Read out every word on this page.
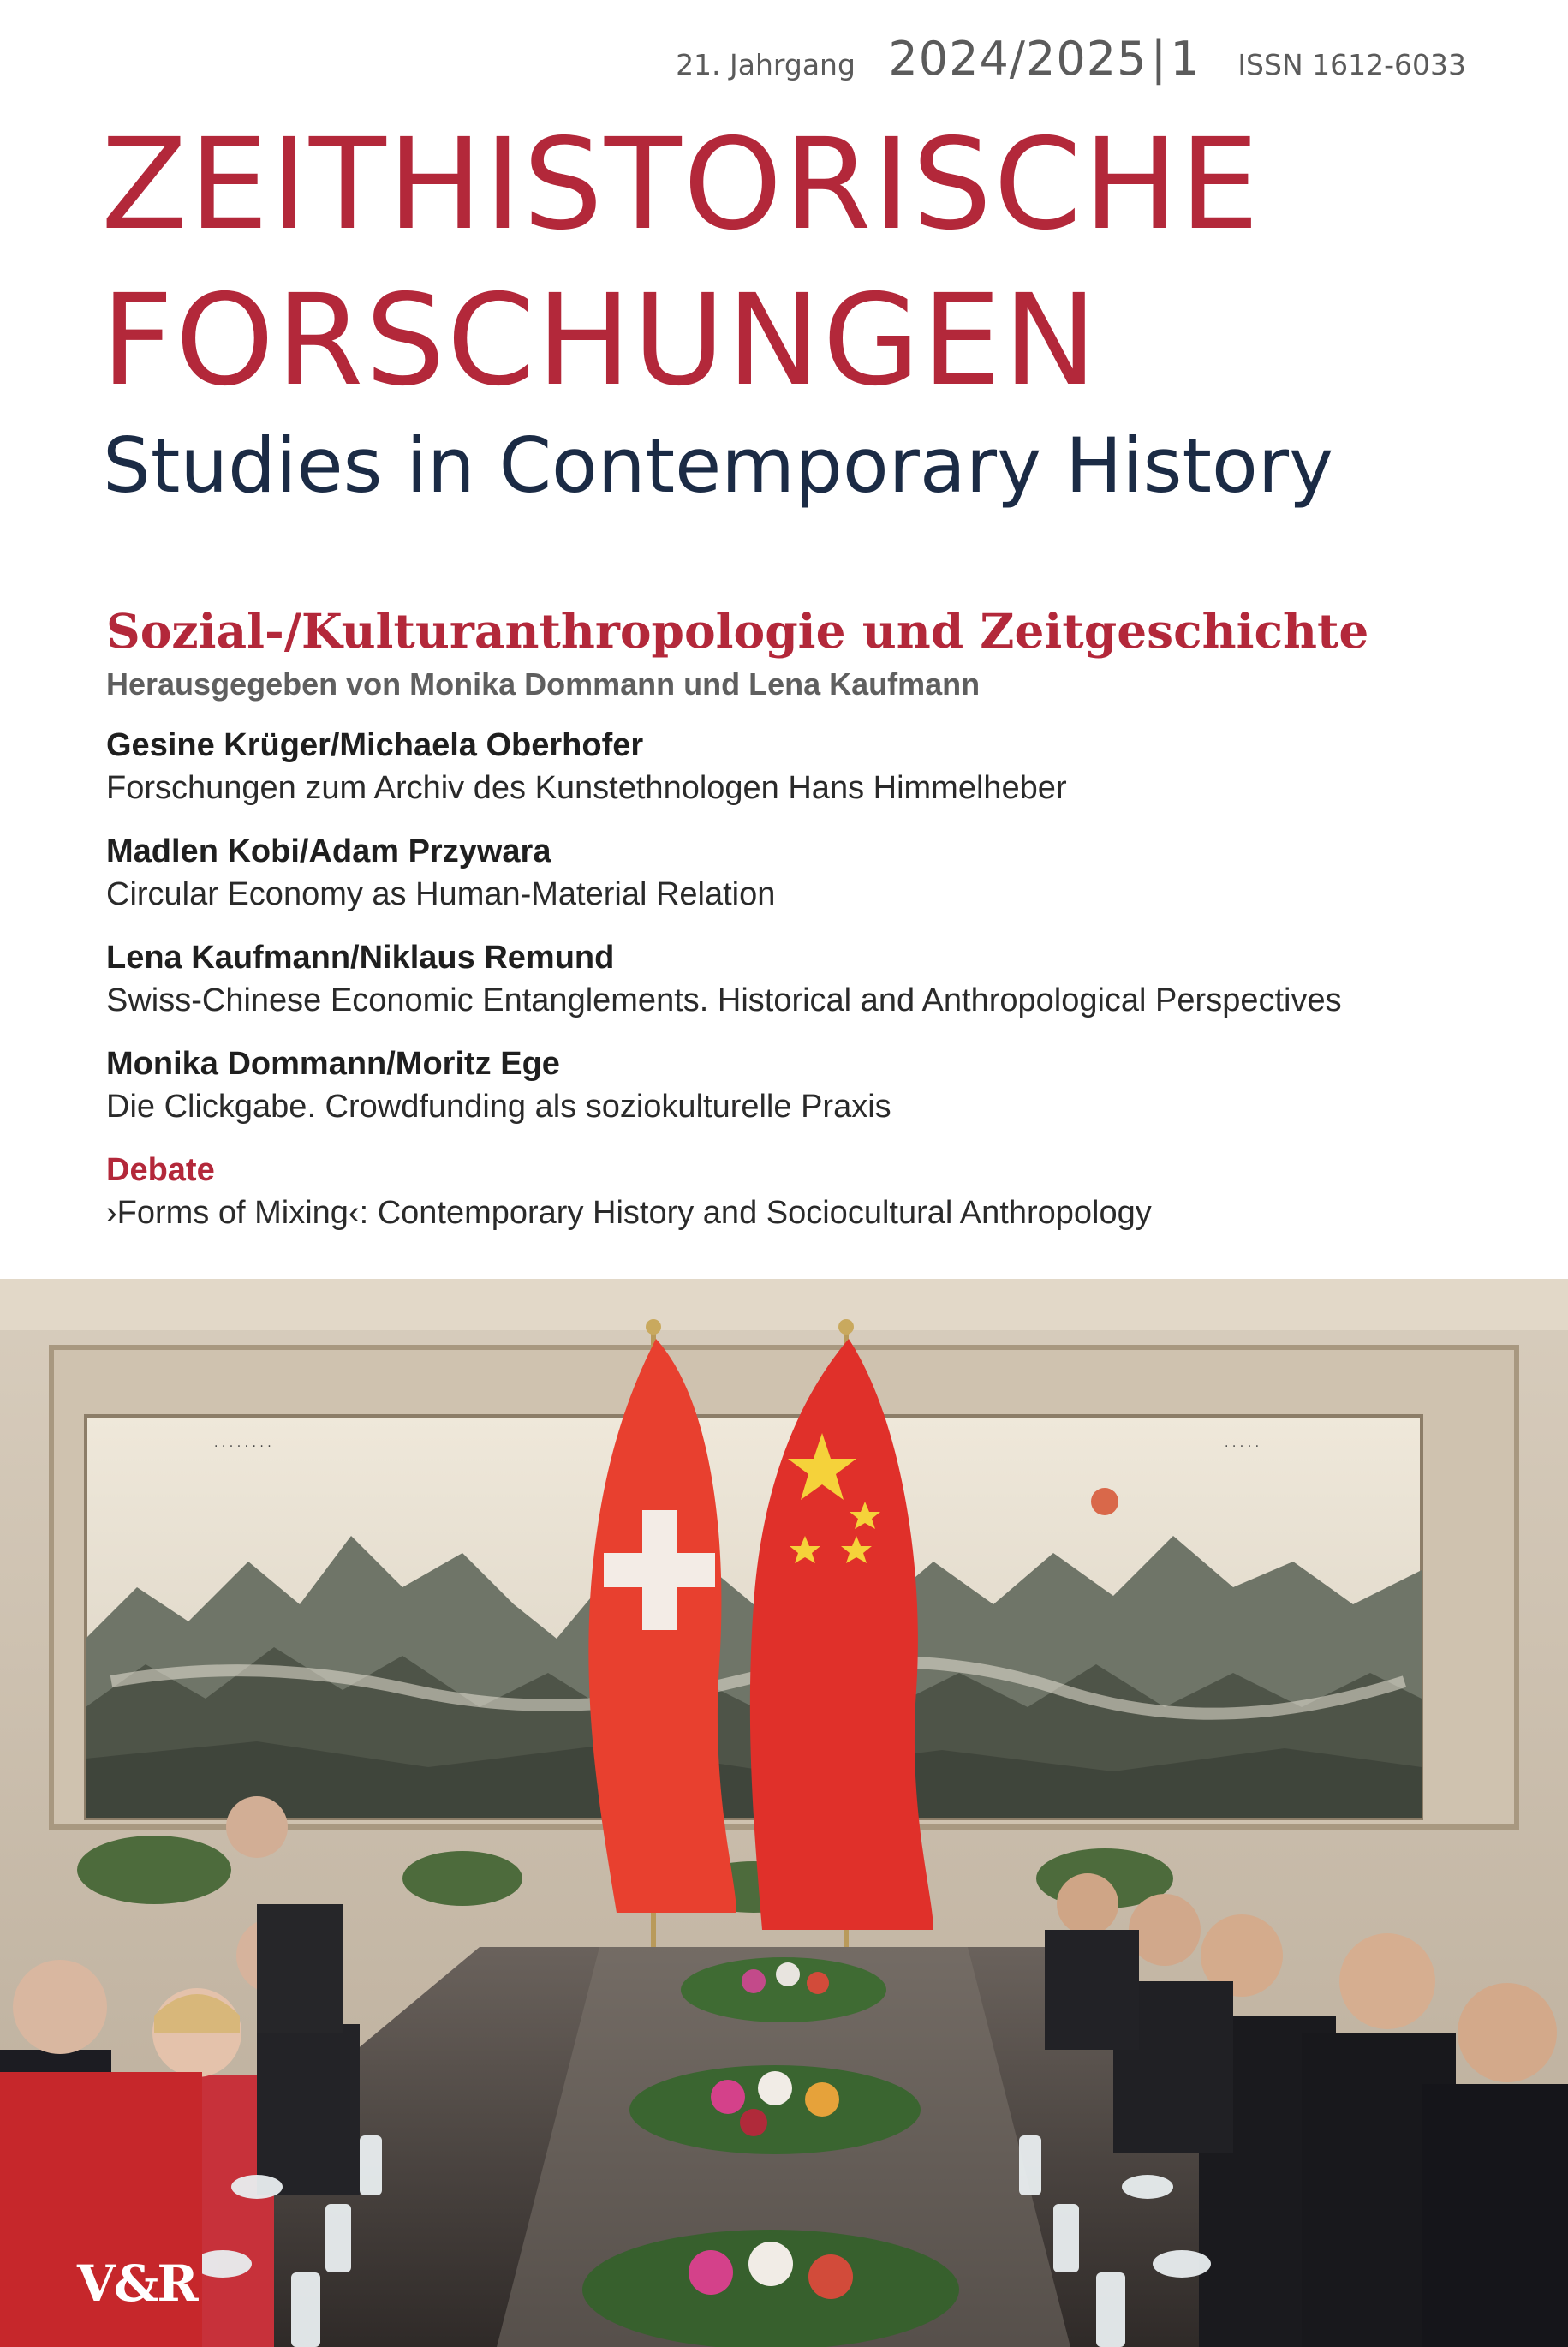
21. Jahrgang 2024/2025 | 1 ISSN 1612-6033
ZEITHISTORISCHE
FORSCHUNGEN
Studies in Contemporary History
Sozial-/Kulturanthropologie und Zeitgeschichte
Herausgegeben von Monika Dommann und Lena Kaufmann
Gesine Krüger/Michaela Oberhofer
Forschungen zum Archiv des Kunstethnologen Hans Himmelheber
Madlen Kobi/Adam Przywara
Circular Economy as Human-Material Relation
Lena Kaufmann/Niklaus Remund
Swiss-Chinese Economic Entanglements. Historical and Anthropological Perspectives
Monika Dommann/Moritz Ege
Die Clickgabe. Crowdfunding als soziokulturelle Praxis
Debate
›Forms of Mixing‹: Contemporary History and Sociocultural Anthropology
· · · · · · · ·	· · · · ·
V&R
